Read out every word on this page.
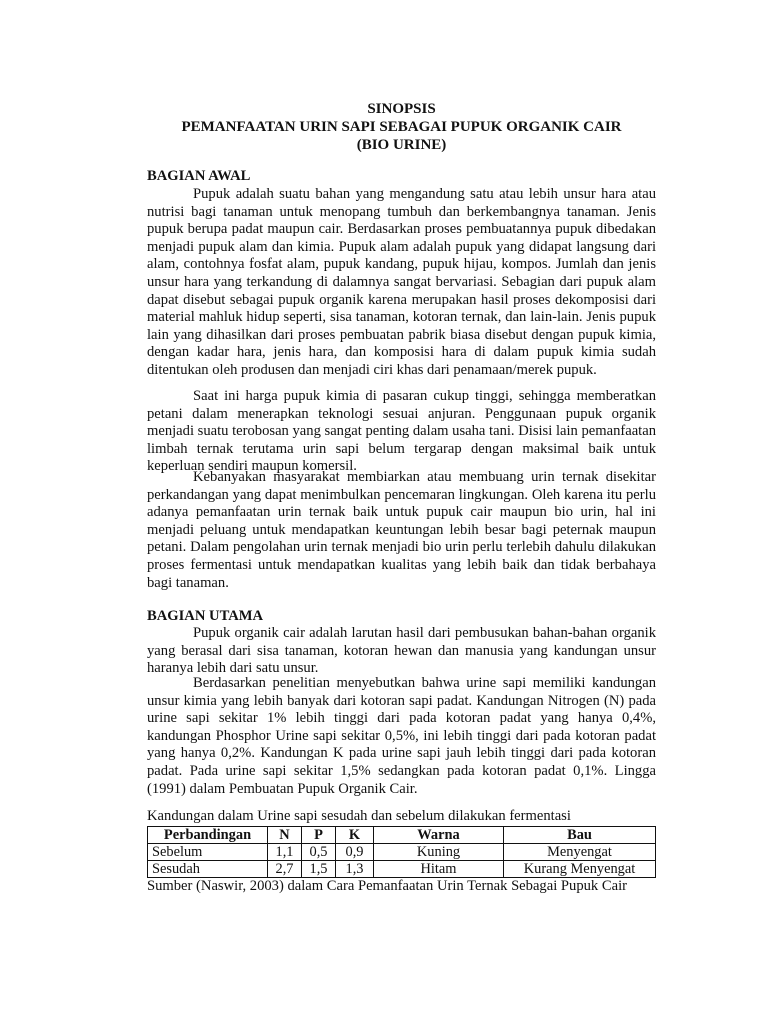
SINOPSIS
PEMANFAATAN URIN SAPI SEBAGAI PUPUK ORGANIK CAIR
(BIO URINE)
BAGIAN AWAL
Pupuk adalah suatu bahan yang mengandung satu atau lebih unsur hara atau nutrisi bagi tanaman untuk menopang tumbuh dan berkembangnya tanaman. Jenis pupuk berupa padat maupun cair. Berdasarkan proses pembuatannya pupuk dibedakan menjadi pupuk alam dan kimia. Pupuk alam adalah pupuk yang didapat langsung dari alam, contohnya fosfat alam, pupuk kandang, pupuk hijau, kompos. Jumlah dan jenis unsur hara yang terkandung di dalamnya sangat bervariasi. Sebagian dari pupuk alam dapat disebut sebagai pupuk organik karena merupakan hasil proses dekomposisi dari material mahluk hidup seperti, sisa tanaman, kotoran ternak, dan lain-lain. Jenis pupuk lain yang dihasilkan dari proses pembuatan pabrik biasa disebut dengan pupuk kimia, dengan kadar hara, jenis hara, dan komposisi hara di dalam pupuk kimia sudah ditentukan oleh produsen dan menjadi ciri khas dari penamaan/merek pupuk.
Saat ini harga pupuk kimia di pasaran cukup tinggi, sehingga memberatkan petani dalam menerapkan teknologi sesuai anjuran. Penggunaan pupuk organik menjadi suatu terobosan yang sangat penting dalam usaha tani. Disisi lain pemanfaatan limbah ternak terutama urin sapi belum tergarap dengan maksimal baik untuk keperluan sendiri maupun komersil.
Kebanyakan masyarakat membiarkan atau membuang urin ternak disekitar perkandangan yang dapat menimbulkan pencemaran lingkungan. Oleh karena itu perlu adanya pemanfaatan urin ternak baik untuk pupuk cair maupun bio urin, hal ini menjadi peluang untuk mendapatkan keuntungan lebih besar bagi peternak maupun petani. Dalam pengolahan urin ternak menjadi bio urin perlu terlebih dahulu dilakukan proses fermentasi untuk mendapatkan kualitas yang lebih baik dan tidak berbahaya bagi tanaman.
BAGIAN UTAMA
Pupuk organik cair adalah larutan hasil dari pembusukan bahan-bahan organik yang berasal dari sisa tanaman, kotoran hewan dan manusia yang kandungan unsur haranya lebih dari satu unsur.
Berdasarkan penelitian menyebutkan bahwa urine sapi memiliki kandungan unsur kimia yang lebih banyak dari kotoran sapi padat. Kandungan Nitrogen (N) pada urine sapi sekitar 1% lebih tinggi dari pada kotoran padat yang hanya 0,4%, kandungan Phosphor Urine sapi sekitar 0,5%, ini lebih tinggi dari pada kotoran padat yang hanya 0,2%. Kandungan K pada urine sapi jauh lebih tinggi dari pada kotoran padat. Pada urine sapi sekitar 1,5% sedangkan pada kotoran padat 0,1%. Lingga (1991) dalam Pembuatan Pupuk Organik Cair.
Kandungan dalam Urine sapi sesudah dan sebelum dilakukan fermentasi
Perbandingan	N	P	K	Warna	Bau
Sebelum	1,1	0,5	0,9	Kuning	Menyengat
Sesudah	2,7	1,5	1,3	Hitam	Kurang Menyengat
Sumber (Naswir, 2003) dalam Cara Pemanfaatan Urin Ternak Sebagai Pupuk Cair
